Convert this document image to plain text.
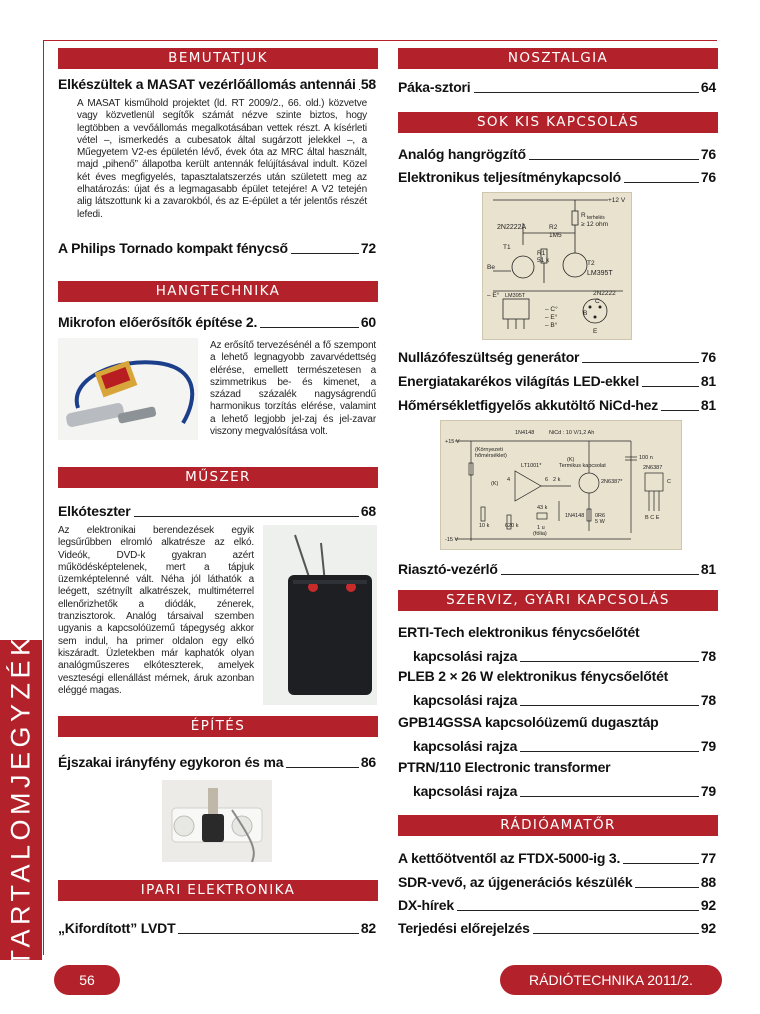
TARTALOMJEGYZÉK
BEMUTATJUK
Elkészültek a MASAT vezérlőállomás antennái 58
A MASAT kisműhold projektet (ld. RT 2009/2., 66. old.) közvetve vagy közvetlenül segítők számát nézve szinte biztos, hogy legtöbben a vevőállomás megalkotásában vettek részt. A kísérleti vétel –, ismerkedés a cubesatok által sugárzott jelekkel –, a Műegyetem V2-es épületén lévő, évek óta az MRC által használt, majd „pihenő” állapotba került antennák felújításával indult. Közel két éves megfigyelés, tapasztalatszerzés után született meg az elhatározás: újat és a legmagasabb épület tetejére! A V2 tetején alig látszottunk ki a zavarokból, és az E-épület a tér jelentős részét lefedi.
A Philips Tornado kompakt fénycső	72
HANGTECHNIKA
Mikrofon előerősítők építése 2.	60
Az erősítő tervezésénél a fő szempont a lehető legnagyobb zavarvédettség elérése, emellett természetesen a szimmetrikus be- és kimenet, a század százalék nagyságrendű harmonikus torzítás elérése, valamint a lehető legjobb jel-zaj és jel-zavar viszony megvalósítása volt.
MŰSZER
Elkóteszter	68
Az elektronikai berendezések egyik legsűrűbben elromló alkatrésze az elkó. Videók, DVD-k gyakran azért működésképtelenek, mert a tápjuk üzemképtelenné vált. Néha jól láthatók a leégett, szétnyílt alkatrészek, multiméterrel ellenőrizhetők a diódák, zénerek, tranzisztorok. Analóg társaival szemben ugyanis a kapcsolóüzemű tápegység akkor sem indul, ha primer oldalon egy elkó kiszáradt. Üzletekben már kaphatók olyan analógműszeres elkóteszterek, amelyek veszteségi ellenállást mérnek, áruk azonban eléggé magas.
ÉPÍTÉS
Éjszakai irányfény egykoron és ma	86
IPARI ELEKTRONIKA
„Kifordított” LVDT	82
NOSZTALGIA
Páka-sztori	64
SOK KIS KAPCSOLÁS
Analóg hangrögzítő	76
Elektronikus teljesítménykapcsoló	76
+12 V
R terhelés
≥ 12 ohm
2N2222A	R2
1M5
T1
R1
51 k	T2
LM395T
Be
– E° LM395T	2N2222
C
– C°
– E°
– B°
B
E
Nullázófeszültség generátor	76
Energiatakarékos világítás LED-ekkel	81
Hőmérsékletfigyelős akkutöltő NiCd-hez	81
1N4148	NiCd : 10 V/1,2 Ah
+15 V
(Környezeti
hőmérséklet)
(K)
LT1001*	Termikus kapcsolat
(K)
2N6387*
4	6 2 k
43 k
1N4148
10 k	620 k	1 u
(fólia)
0R6
5 W
100 n
-15 V
2N6387
C
B C E
Riasztó-vezérlő	81
SZERVIZ, GYÁRI KAPCSOLÁS
ERTI-Tech elektronikus fénycsőelőtét
kapcsolási rajza	78
PLEB 2 × 26 W elektronikus fénycsőelőtét
kapcsolási rajza	78
GPB14GSSA kapcsolóüzemű dugasztáp
kapcsolási rajza	79
PTRN/110 Electronic transformer
kapcsolási rajza	79
RÁDIÓAMATŐR
A kettőötventől az FTDX-5000-ig 3.	77
SDR-vevő, az újgenerációs készülék	88
DX-hírek	92
Terjedési előrejelzés	92
56	RÁDIÓTECHNIKA 2011/2.
